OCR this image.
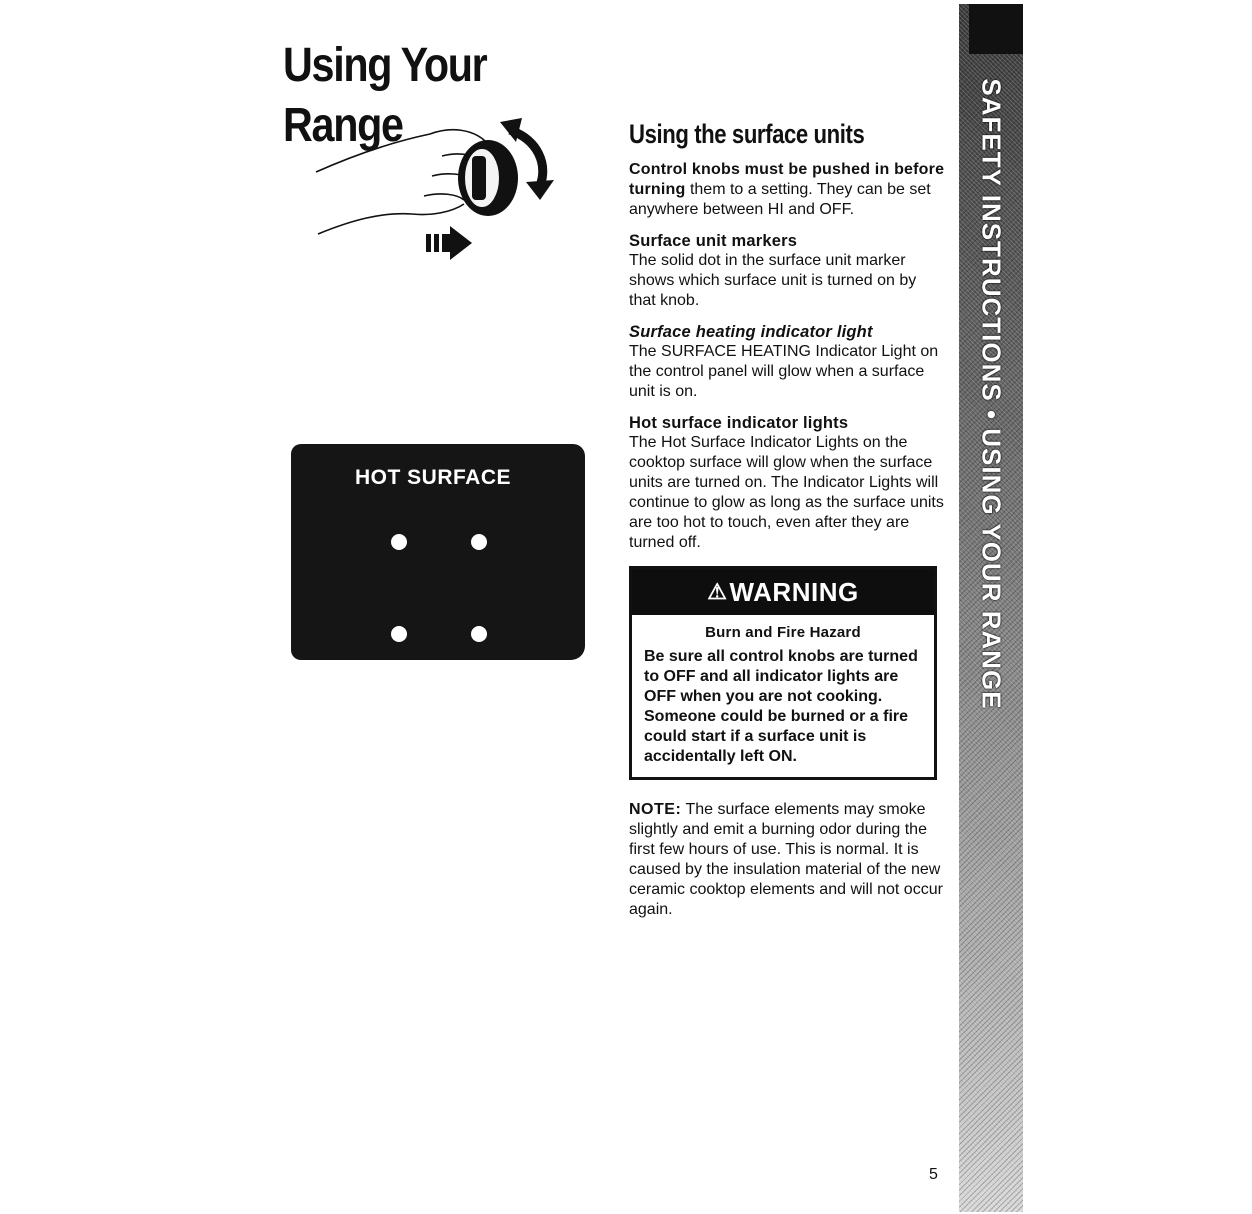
Using Your Range
HOT SURFACE
Using the surface units

Control knobs must be pushed in before turning them to a setting. They can be set anywhere between HI and OFF.

Surface unit markers

The solid dot in the surface unit marker shows which surface unit is turned on by that knob.

Surface heating indicator light

The SURFACE HEATING Indicator Light on the control panel will glow when a surface unit is on.

Hot surface indicator lights

The Hot Surface Indicator Lights on the cooktop surface will glow when the surface units are turned on. The Indicator Lights will continue to glow as long as the surface units are too hot to touch, even after they are turned off.

⚠ WARNING
Burn and Fire Hazard

Be sure all control knobs are turned to OFF and all indicator lights are OFF when you are not cooking. Someone could be burned or a fire could start if a surface unit is accidentally left ON.

NOTE: The surface elements may smoke slightly and emit a burning odor during the first few hours of use. This is normal. It is caused by the insulation material of the new ceramic cooktop elements and will not occur again.

5
SAFETY INSTRUCTIONS • USING YOUR RANGE
